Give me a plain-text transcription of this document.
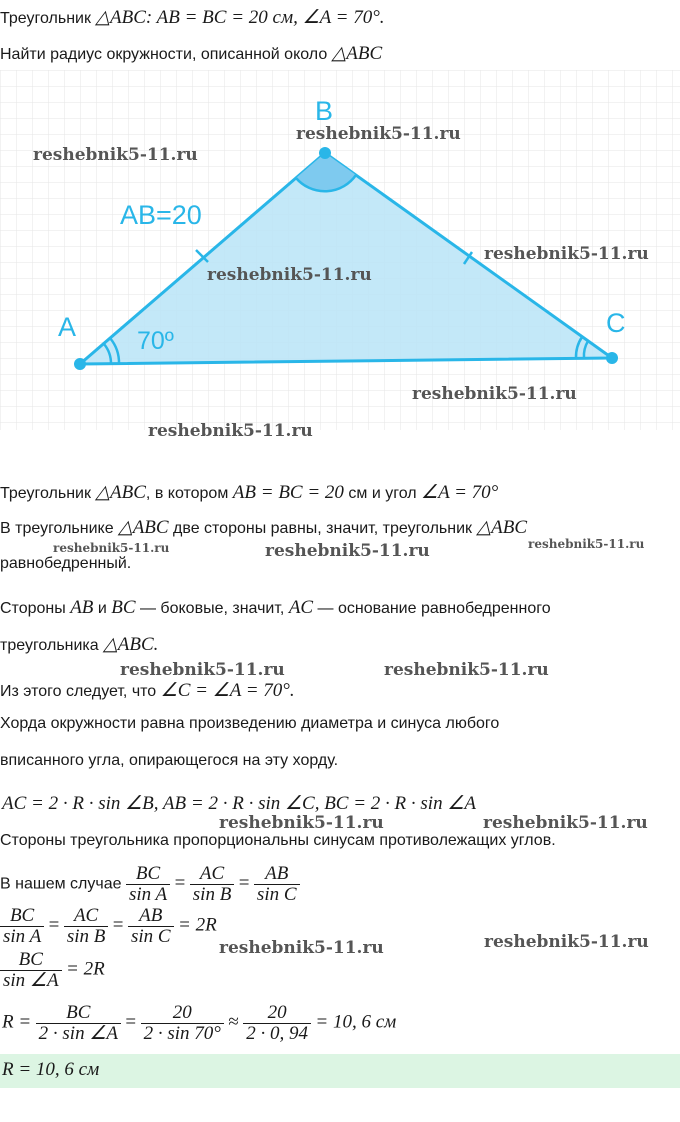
Треугольник △ABC: AB = BC = 20 см, ∠A = 70°.
Найти радиус окружности, описанной около △ABC
A
B
C
AB=20
70º
reshebnik5-11.ru
reshebnik5-11.ru
reshebnik5-11.ru
reshebnik5-11.ru
reshebnik5-11.ru
reshebnik5-11.ru
Треугольник △ABC, в котором AB = BC = 20 см и угол ∠A = 70°
В треугольнике △ABC две стороны равны, значит, треугольник △ABC
reshebnik5-11.ru	reshebnik5-11.ru	reshebnik5-11.ru
равнобедренный.
Стороны AB и BC — боковые, значит, AC — основание равнобедренного
треугольника △ABC.
reshebnik5-11.ru	reshebnik5-11.ru
Из этого следует, что ∠C = ∠A = 70°.
Хорда окружности равна произведению диаметра и синуса любого
вписанного угла, опирающегося на эту хорду.
AC = 2 · R · sin ∠B, AB = 2 · R · sin ∠C, BC = 2 · R · sin ∠A
reshebnik5-11.ru	reshebnik5-11.ru
Стороны треугольника пропорциональны синусам противолежащих углов.
В нашем случае $\frac{BC}{\text{sin A}} = \frac{AC}{\text{sin B}} = \frac{AB}{\text{sin C}}$
$\frac{BC}{\text{sin A}} = \frac{AC}{\text{sin B}} = \frac{AB}{\text{sin C}} = 2R$
reshebnik5-11.ru	reshebnik5-11.ru
$\frac{BC}{\sin \angle A} = 2R$
$R = \frac{BC}{2 \cdot \sin \angle A} = \frac{20}{2 \cdot \sin 70^\circ} \approx \frac{20}{2 \cdot 0, 94} = 10$, 6 см
R = 10, 6 см
